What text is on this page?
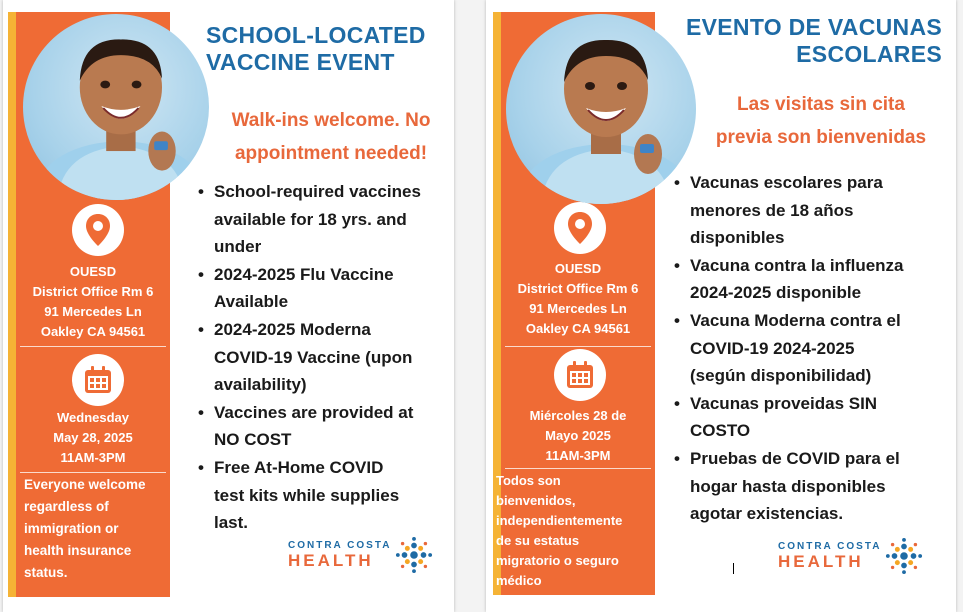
OUESD
District Office Rm 6
91 Mercedes Ln
Oakley CA 94561
Wednesday
May 28, 2025
11AM-3PM
Everyone welcome
regardless of
immigration or
health insurance
status.
SCHOOL-LOCATED
VACCINE EVENT
Walk-ins welcome. No
appointment needed!
• School-required vaccines
available for 18 yrs. and
under
• 2024-2025 Flu Vaccine
Available
• 2024-2025 Moderna
COVID-19 Vaccine (upon
availability)
• Vaccines are provided at
NO COST
• Free At-Home COVID
test kits while supplies
last.
CONTRA COSTA
HEALTH
OUESD
District Office Rm 6
91 Mercedes Ln
Oakley CA 94561
Miércoles 28 de
Mayo 2025
11AM-3PM
Todos son
bienvenidos,
independientemente
de su estatus
migratorio o seguro
médico
EVENTO DE VACUNAS
ESCOLARES
Las visitas sin cita
previa son bienvenidas
• Vacunas escolares para
menores de 18 años
disponibles
• Vacuna contra la influenza
2024-2025 disponible
• Vacuna Moderna contra el
COVID-19 2024-2025
(según disponibilidad)
• Vacunas proveidas SIN
COSTO
• Pruebas de COVID para el
hogar hasta disponibles
agotar existencias.
CONTRA COSTA
HEALTH
